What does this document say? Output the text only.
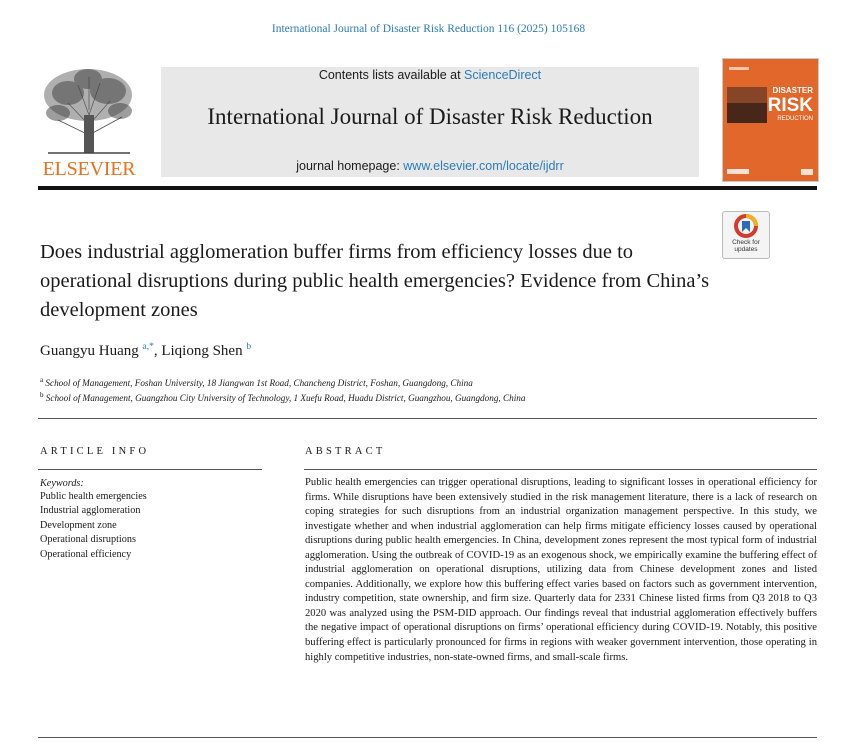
International Journal of Disaster Risk Reduction 116 (2025) 105168
ELSEVIER
Contents lists available at ScienceDirect
International Journal of Disaster Risk Reduction
journal homepage: www.elsevier.com/locate/ijdrr
DISASTER
RISK
REDUCTION
Check for updates
Does industrial agglomeration buffer firms from efficiency losses due to operational disruptions during public health emergencies? Evidence from China’s development zones
Guangyu Huang $^{a,*}$, Liqiong Shen $^b$
$^a$ School of Management, Foshan University, 18 Jiangwan 1st Road, Chancheng District, Foshan, Guangdong, China
$^b$ School of Management, Guangzhou City University of Technology, 1 Xuefu Road, Huadu District, Guangzhou, Guangdong, China
ARTICLE INFO
Keywords:
Public health emergencies
Industrial agglomeration
Development zone
Operational disruptions
Operational efficiency
ABSTRACT
Public health emergencies can trigger operational disruptions, leading to significant losses in operational efficiency for firms. While disruptions have been extensively studied in the risk management literature, there is a lack of research on coping strategies for such disruptions from an industrial organization management perspective. In this study, we investigate whether and when industrial agglomeration can help firms mitigate efficiency losses caused by operational disruptions during public health emergencies. In China, development zones represent the most typical form of industrial agglomeration. Using the outbreak of COVID-19 as an exogenous shock, we empirically examine the buffering effect of industrial agglomeration on operational disruptions, utilizing data from Chinese development zones and listed companies. Additionally, we explore how this buffering effect varies based on factors such as government intervention, industry competition, state ownership, and firm size. Quarterly data for 2331 Chinese listed firms from Q3 2018 to Q3 2020 was analyzed using the PSM-DID approach. Our findings reveal that industrial agglomeration effectively buffers the negative impact of operational disruptions on firms’ operational efficiency during COVID-19. Notably, this positive buffering effect is particularly pronounced for firms in regions with weaker government intervention, those operating in highly competitive industries, non-state-owned firms, and small-scale firms.
